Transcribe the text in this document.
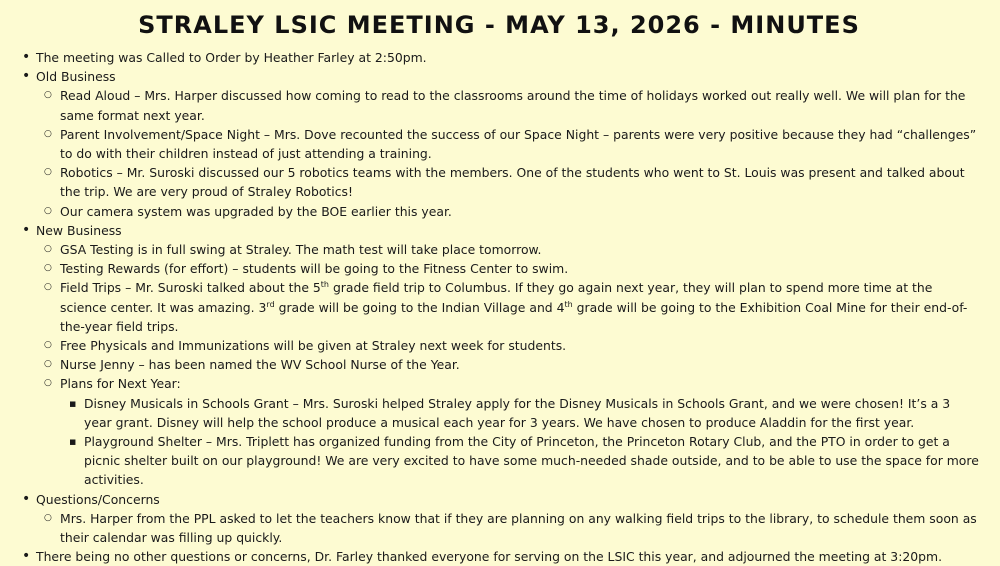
STRALEY LSIC MEETING - MAY 13, 2026 - MINUTES
• The meeting was Called to Order by Heather Farley at 2:50pm.
• Old Business
○ Read Aloud – Mrs. Harper discussed how coming to read to the classrooms around the time of holidays worked out really well. We will plan for the same format next year.
○ Parent Involvement/Space Night – Mrs. Dove recounted the success of our Space Night – parents were very positive because they had “challenges” to do with their children instead of just attending a training.
○ Robotics – Mr. Suroski discussed our 5 robotics teams with the members. One of the students who went to St. Louis was present and talked about the trip. We are very proud of Straley Robotics!
○ Our camera system was upgraded by the BOE earlier this year.
• New Business
○ GSA Testing is in full swing at Straley. The math test will take place tomorrow.
○ Testing Rewards (for effort) – students will be going to the Fitness Center to swim.
○ Field Trips – Mr. Suroski talked about the 5th grade field trip to Columbus. If they go again next year, they will plan to spend more time at the science center. It was amazing. 3rd grade will be going to the Indian Village and 4th grade will be going to the Exhibition Coal Mine for their end-of-the-year field trips.
○ Free Physicals and Immunizations will be given at Straley next week for students.
○ Nurse Jenny – has been named the WV School Nurse of the Year.
○ Plans for Next Year:
▪ Disney Musicals in Schools Grant – Mrs. Suroski helped Straley apply for the Disney Musicals in Schools Grant, and we were chosen! It’s a 3 year grant. Disney will help the school produce a musical each year for 3 years. We have chosen to produce Aladdin for the first year.
▪ Playground Shelter – Mrs. Triplett has organized funding from the City of Princeton, the Princeton Rotary Club, and the PTO in order to get a picnic shelter built on our playground! We are very excited to have some much-needed shade outside, and to be able to use the space for more activities.
• Questions/Concerns
○ Mrs. Harper from the PPL asked to let the teachers know that if they are planning on any walking field trips to the library, to schedule them soon as their calendar was filling up quickly.
• There being no other questions or concerns, Dr. Farley thanked everyone for serving on the LSIC this year, and adjourned the meeting at 3:20pm.
